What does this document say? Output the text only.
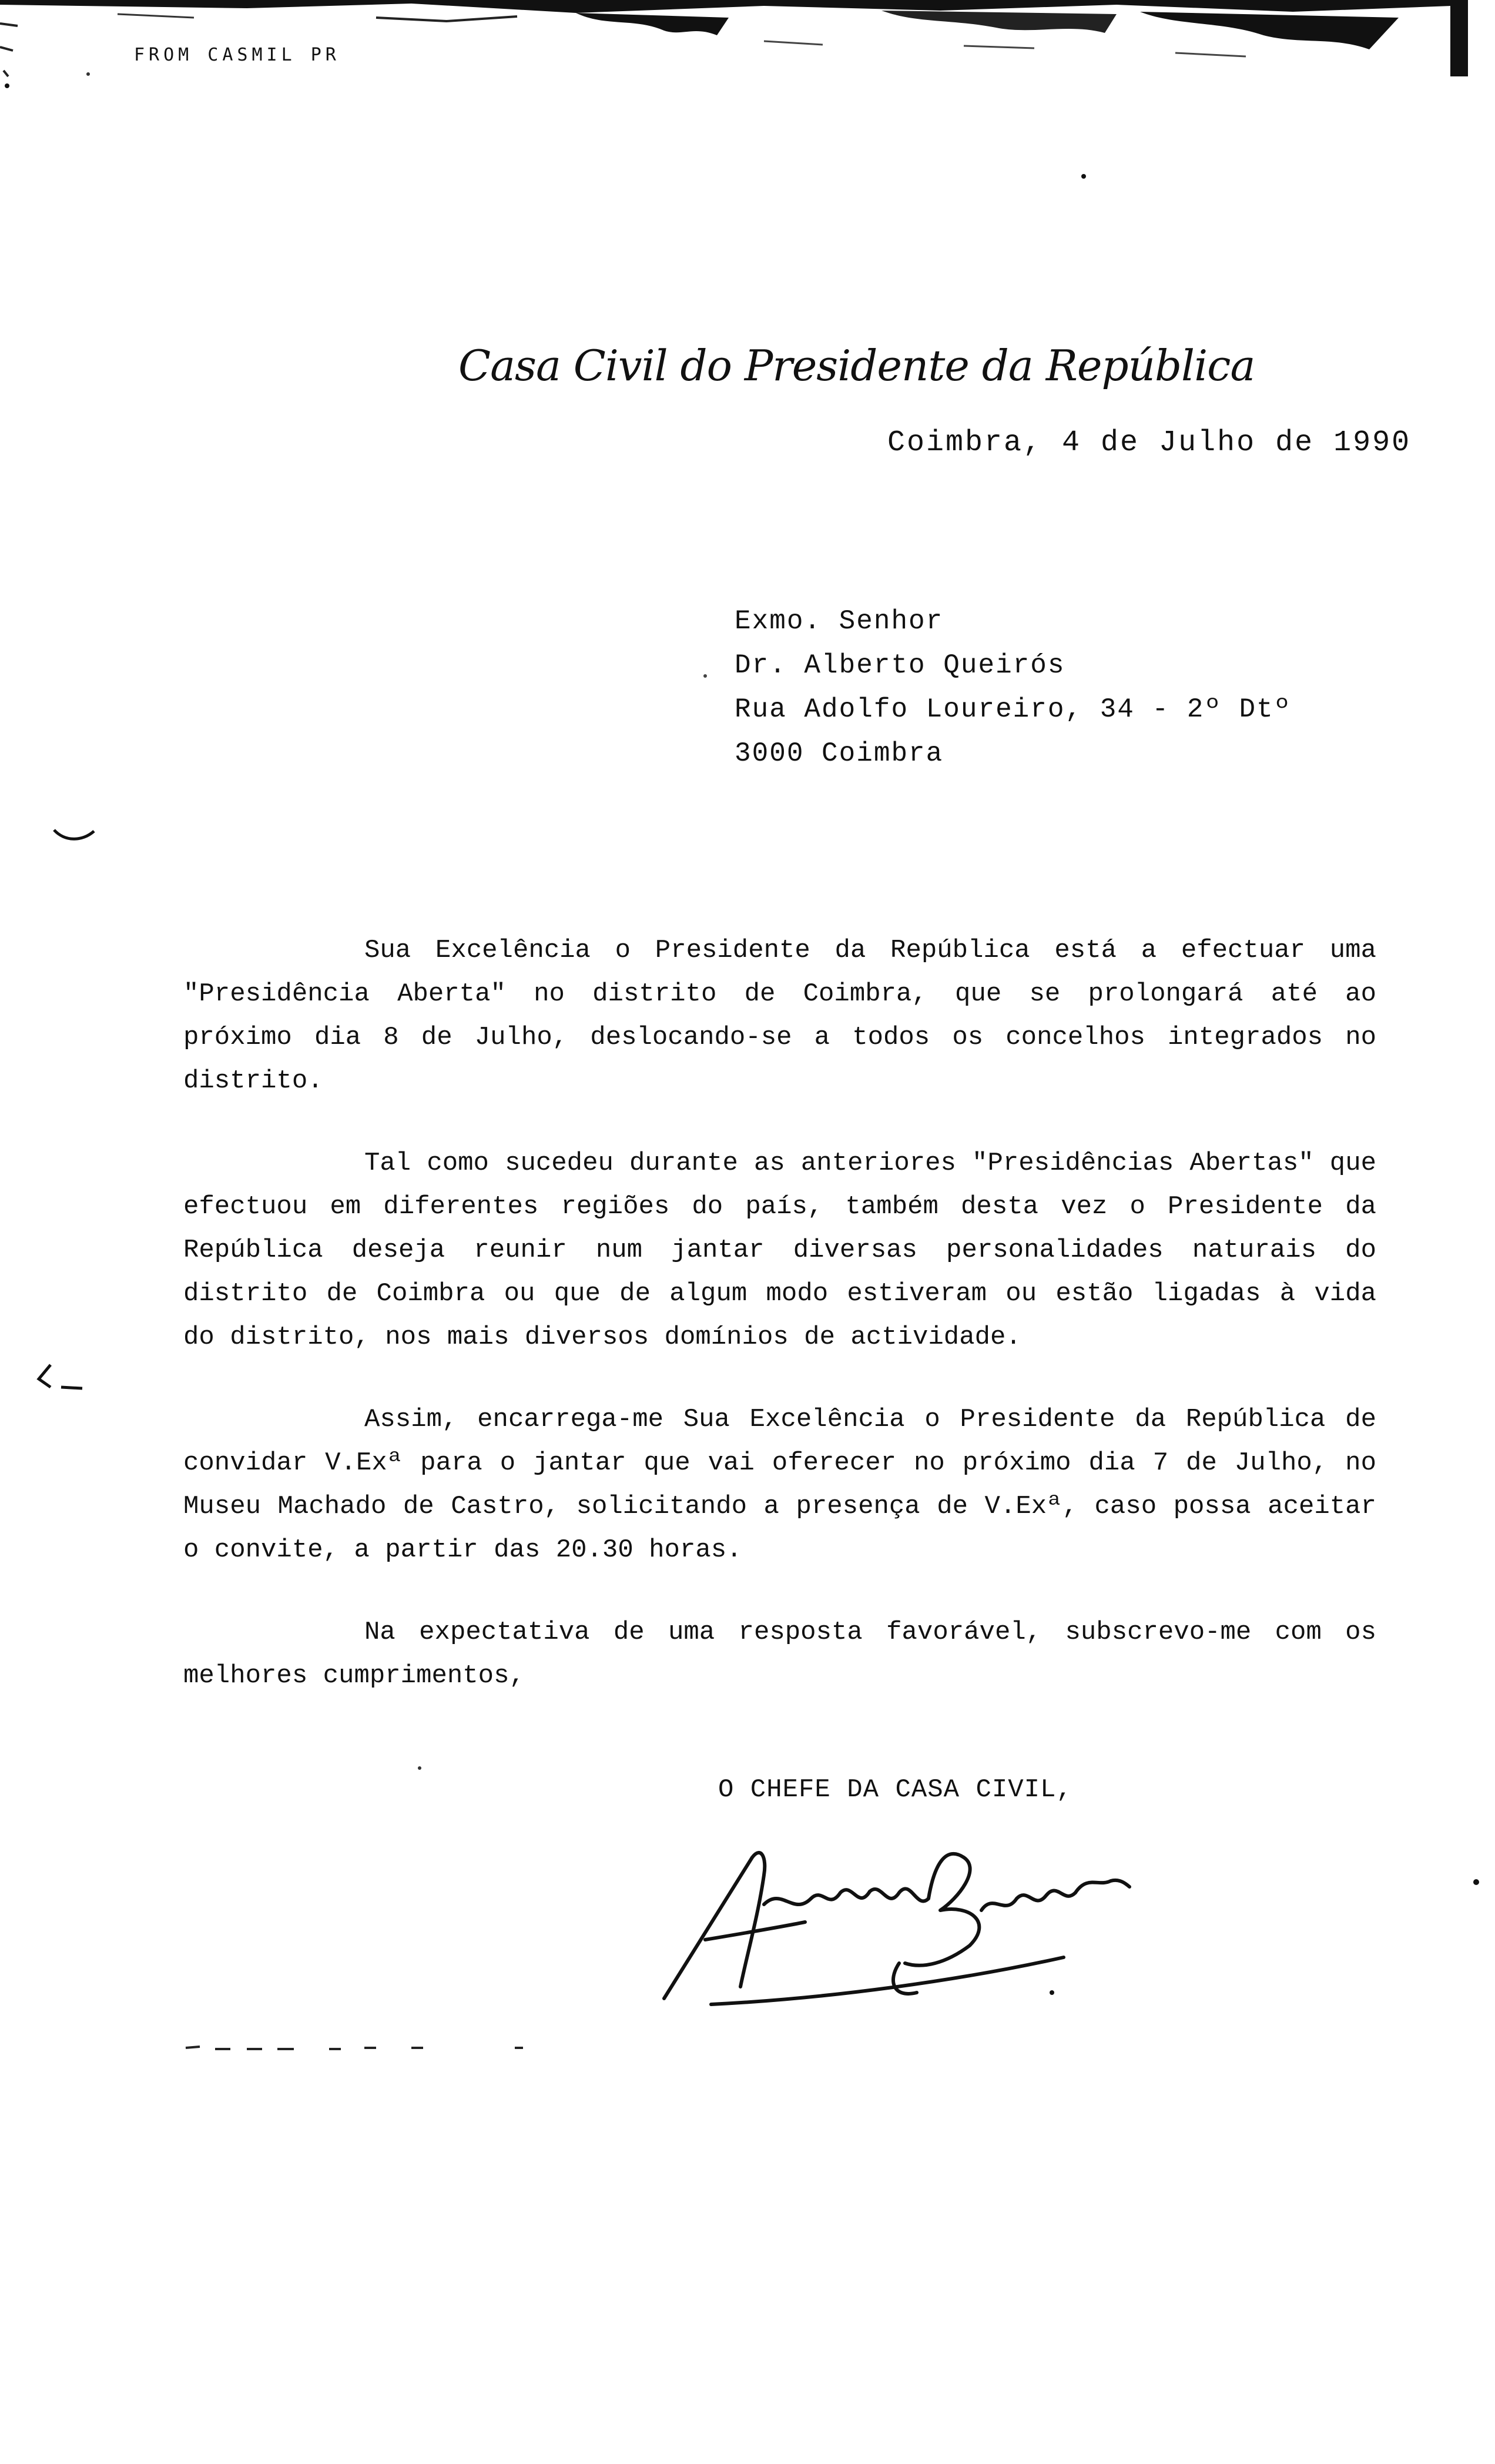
FROM CASMIL PR
Casa Civil do Presidente da República
Coimbra, 4 de Julho de 1990
Exmo. Senhor
Dr. Alberto Queirós
Rua Adolfo Loureiro, 34 - 2º Dtº
3000 Coimbra

Sua Excelência o Presidente da República está a efectuar uma "Presidência Aberta" no distrito de Coimbra, que se prolongará até ao próximo dia 8 de Julho, deslocando-se a todos os concelhos integrados no distrito.

Tal como sucedeu durante as anteriores "Presidências Abertas" que efectuou em diferentes regiões do país, também desta vez o Presidente da República deseja reunir num jantar diversas personalidades naturais do distrito de Coimbra ou que de algum modo estiveram ou estão ligadas à vida do distrito, nos mais diversos domínios de actividade.

Assim, encarrega-me Sua Excelência o Presidente da República de convidar V.Exª para o jantar que vai oferecer no próximo dia 7 de Julho, no Museu Machado de Castro, solicitando a presença de V.Exª, caso possa aceitar o convite, a partir das 20.30 horas.

Na expectativa de uma resposta favorável, subscrevo-me com os melhores cumprimentos,

O CHEFE DA CASA CIVIL,
